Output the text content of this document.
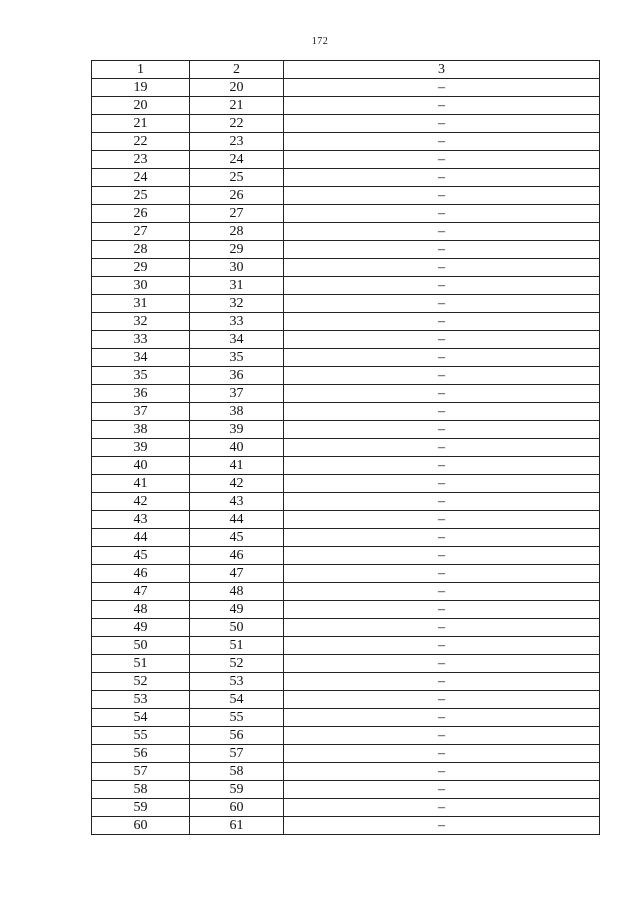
172
1	2	3
19	20	–
20	21	–
21	22	–
22	23	–
23	24	–
24	25	–
25	26	–
26	27	–
27	28	–
28	29	–
29	30	–
30	31	–
31	32	–
32	33	–
33	34	–
34	35	–
35	36	–
36	37	–
37	38	–
38	39	–
39	40	–
40	41	–
41	42	–
42	43	–
43	44	–
44	45	–
45	46	–
46	47	–
47	48	–
48	49	–
49	50	–
50	51	–
51	52	–
52	53	–
53	54	–
54	55	–
55	56	–
56	57	–
57	58	–
58	59	–
59	60	–
60	61	–
